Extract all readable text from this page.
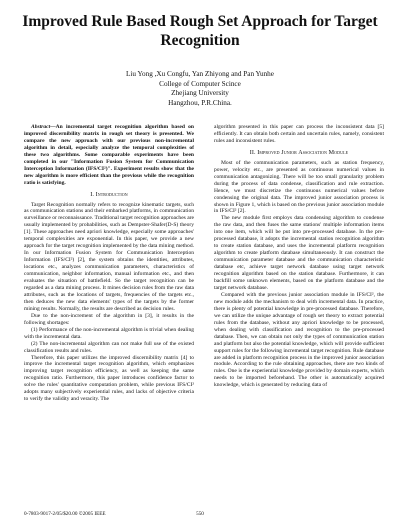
Improved Rule Based Rough Set Approach for Target Recognition
Liu Yong ,Xu Congfu, Yan Zhiyong and Pan Yunhe
College of Computer Scince
Zhejiang University
Hangzhou, P.R.China.

Abstract—An incremental target recognition algorithm based on improved discernibility matrix in rough set theory is presented. We compare the new approach with our previous non-incremental algorithm in detail, especially analyze the temporal complexities of these two algorithms. Some comparable experiments have been completed in our "Information Fusion System for Communication Interception Information (IFS/CI²)". Experiment results show that the new algorithm is more efficient than the previous while the recognition ratio is satisfying.

I. Introduction

Target Recognition normally refers to recognize kinematic targets, such as communication stations and their embarked platforms, in communication surveillance or reconnaissance. Traditional target recognition approaches are usually implemented by probabilities, such as Dempster-Shafer(D-S) theory [1]. These approaches need apriori knowledge, especially some approaches' temporal complexities are exponential. In this paper, we provide a new approach for the target recognition implemented by the data mining method. In our Information Fusion System for Communication Interception Information (IFS/CI²) [2], the system obtains the identities, attributes, locations etc., analyzes communication parameters, characteristics of communication, neighbor information, manual information etc., and then evaluates the situation of battlefield. So the target recognition can be regarded as a data mining process. It mines decision rules from the raw data attributes, such as the locations of targets, frequencies of the targets etc., then deduces the new data elements' types of the targets by the former mining results. Normally, the results are described as decision rules.

Due to the non-increment of the algorithm in [3], it results in the following shortages:

(1) Performance of the non-incremental algorithm is trivial when dealing with the incremental data.

(2) The non-incremental algorithm can not make full use of the existed classification results and rules.

Therefore, this paper utilizes the improved discernibility matrix [4] to improve the incremental target recognition algorithm, which emphasizes improving target recognition efficiency, as well as keeping the same recognition ratio. Furthermore, this paper introduces confidence factor to solve the rules' quantitative computation problem, while previous IFS/CI² adopts many subjectively experiential rules, and lacks of objective criteria to verify the validity and veracity. The

algorithm presented in this paper can process the inconsistent data [5] efficiently. It can obtain both certain and uncertain rules, namely, consistent rules and inconsistent rules.

II. Improved Junior Association Module

Most of the communication parameters, such as station frequency, power, velocity etc., are presented as continuous numerical values in communication antagonizing. There will be too small granularity problem during the process of data condense, classification and rule extraction. Hence, we must discretize the continuous numerical values before condensing the original data. The improved junior association process is shown in Figure 1, which is based on the previous junior association module in IFS/CI² [2].

The new module first employs data condensing algorithm to condense the raw data, and then fuses the same stations' multiple information items into one item, which will be put into pre-processed database. In the pre-processed database, it adopts the incremental station recognition algorithm to create station database, and uses the incremental platform recognition algorithm to create platform database simultaneously. It can construct the communication parameter database and the communication characteristic database etc, achieve target network database using target network recognition algorithm based on the station database. Furthermore, it can backfill some unknown elements, based on the platform database and the target network database.

Compared with the previous junior association module in IFS/CI², the new module adds the mechanism to deal with incremental data. In practice, there is plenty of potential knowledge in pre-processed database. Therefore, we can utilize the unique advantage of rough set theory to extract potential rules from the database, without any apriori knowledge to be processed, when dealing with classification and recognition to the pre-processed database. Then, we can obtain not only the types of communication station and platform but also the potential knowledge, which will provide sufficient support rules for the following incremental target recognition. Rule database are added in platform recognition process in the improved junior association module. According to the rule obtaining approaches, there are two kinds of rules. One is the experiential knowledge provided by domain experts, which needs to be imported beforehand. The other is automatically acquired knowledge, which is generated by reducing data of

0-7803-9017-2/05/$20.00 ©2005 IEEE	550
